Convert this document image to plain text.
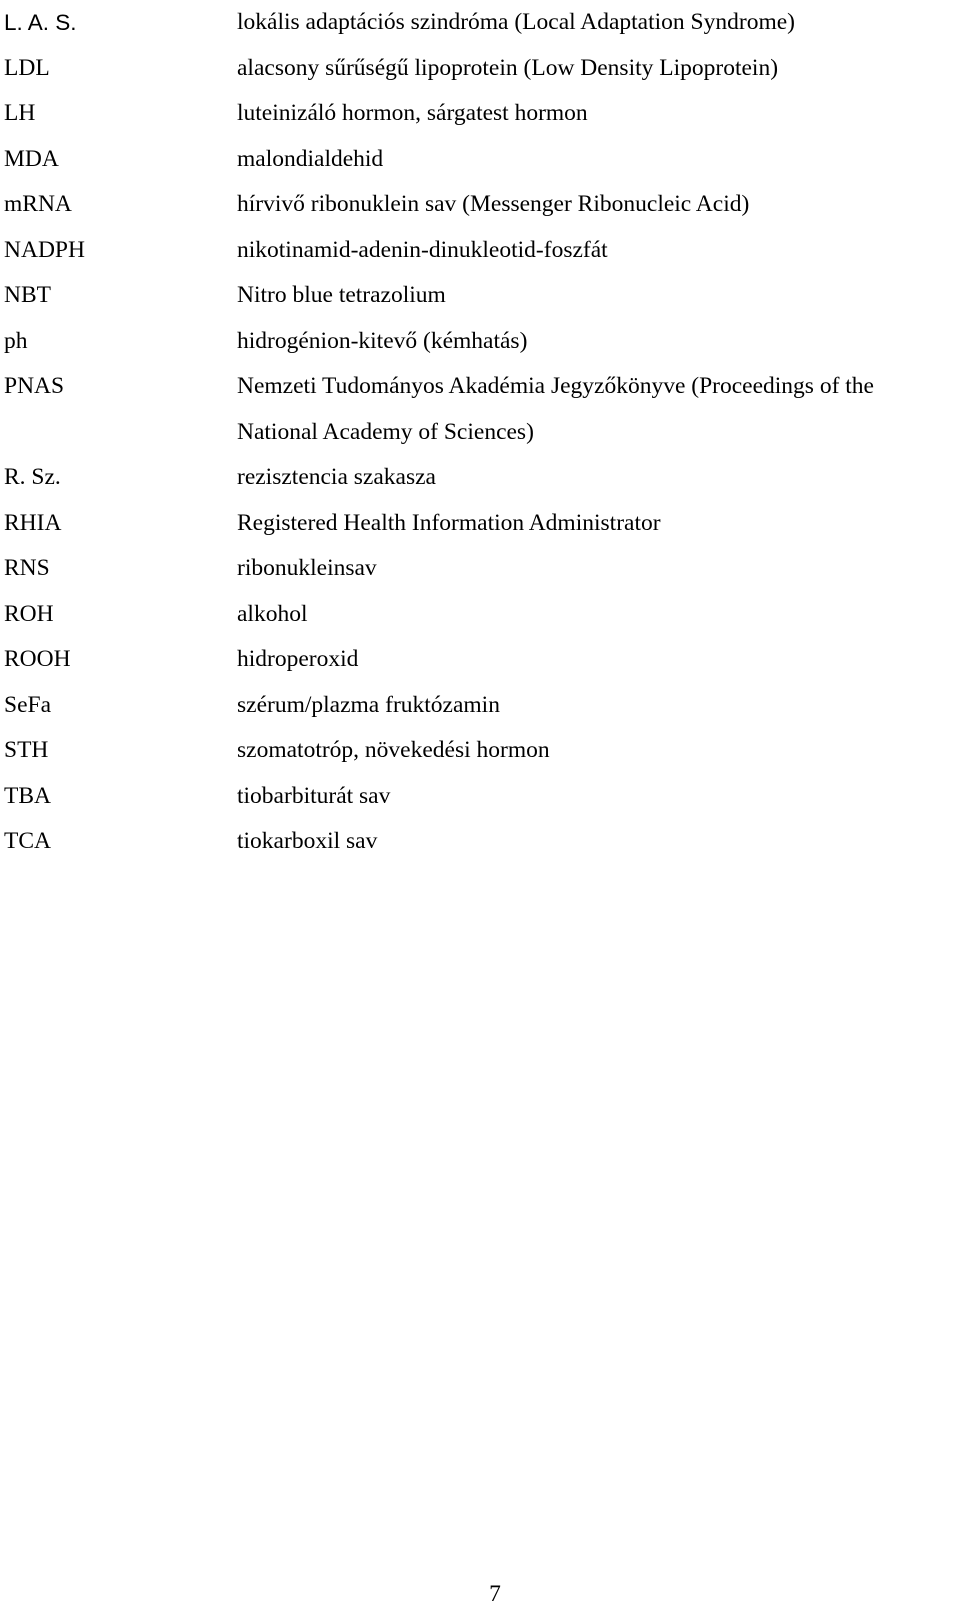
L. A. S.	lokális adaptációs szindróma (Local Adaptation Syndrome)
LDL	alacsony sűrűségű lipoprotein (Low Density Lipoprotein)
LH	luteinizáló hormon, sárgatest hormon
MDA	malondialdehid
mRNA	hírvivő ribonuklein sav (Messenger Ribonucleic Acid)
NADPH	nikotinamid-adenin-dinukleotid-foszfát
NBT	Nitro blue tetrazolium
ph	hidrogénion-kitevő (kémhatás)
PNAS	Nemzeti Tudományos Akadémia Jegyzőkönyve (Proceedings of the
National Academy of Sciences)
R. Sz.	rezisztencia szakasza
RHIA	Registered Health Information Administrator
RNS	ribonukleinsav
ROH	alkohol
ROOH	hidroperoxid
SeFa	szérum/plazma fruktózamin
STH	szomatotróp, növekedési hormon
TBA	tiobarbiturát sav
TCA	tiokarboxil sav
7
